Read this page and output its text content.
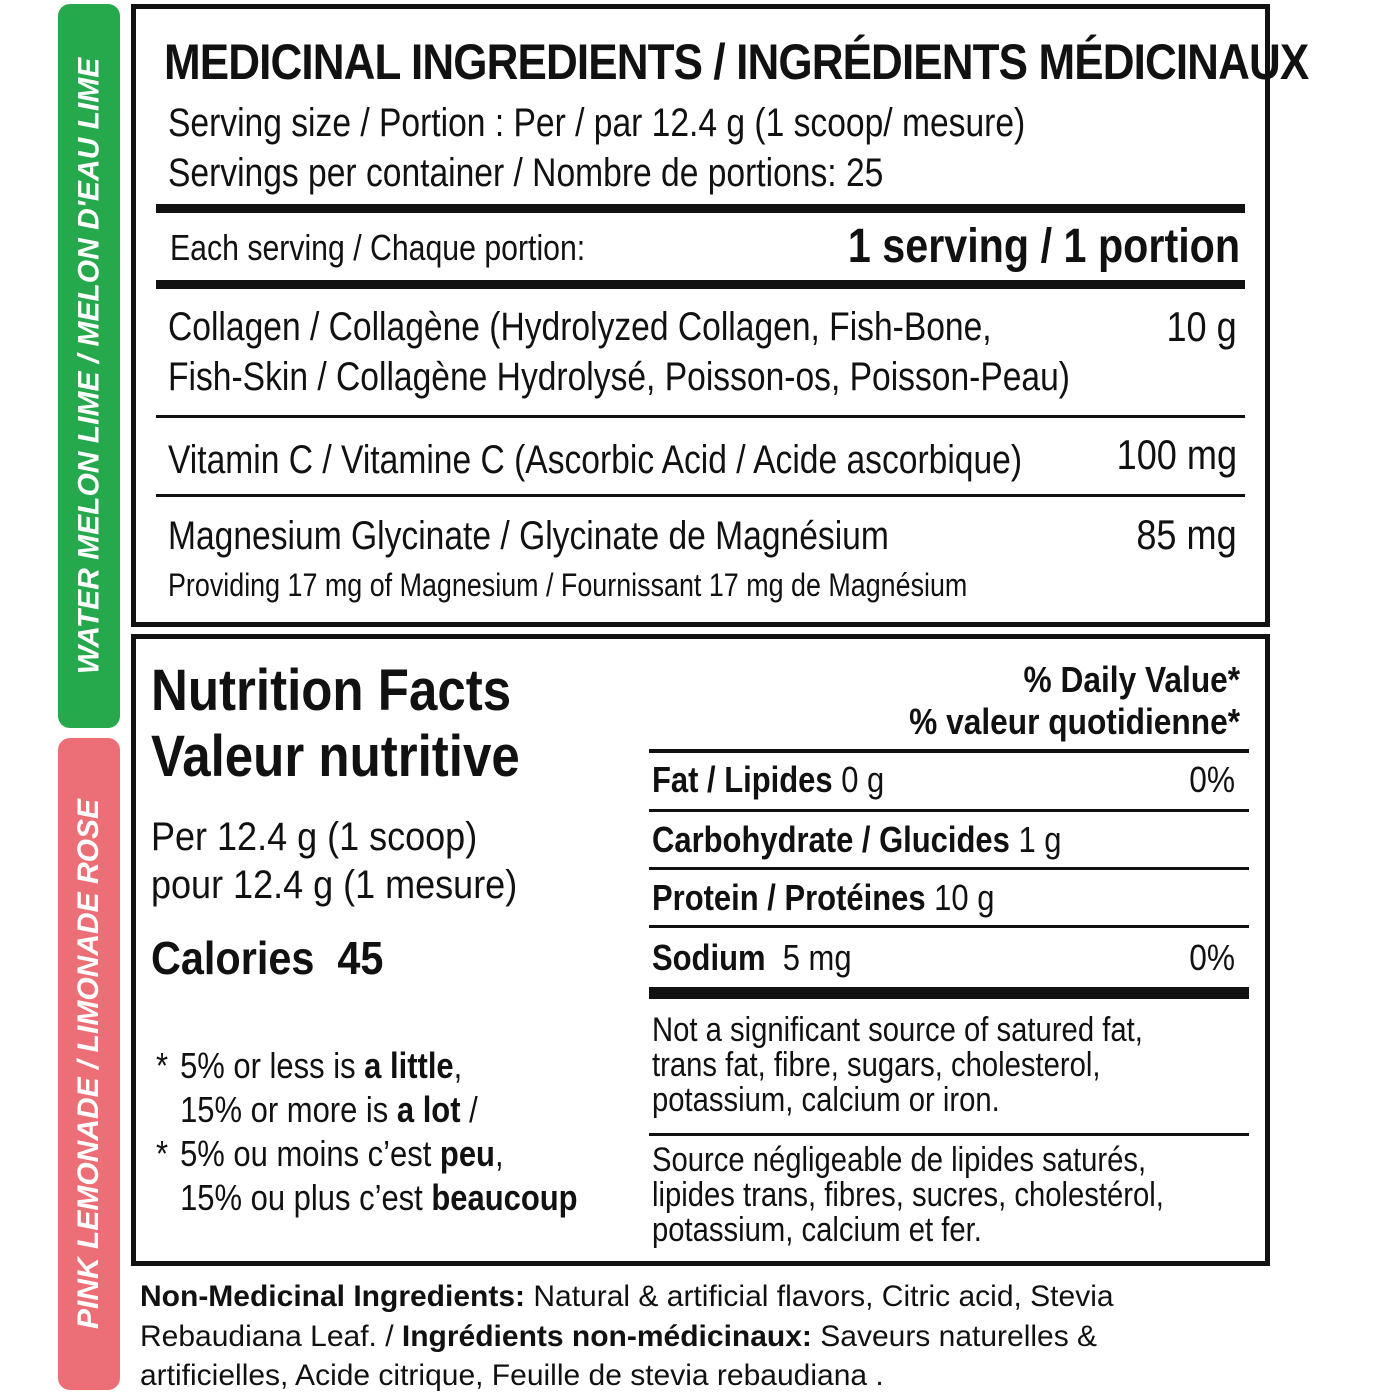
WATER MELON LIME / MELON D'EAU LIME
PINK LEMONADE / LIMONADE ROSE
MEDICINAL INGREDIENTS / INGRÉDIENTS MÉDICINAUX
Serving size / Portion : Per / par 12.4 g (1 scoop/ mesure)
Servings per container / Nombre de portions: 25
Each serving / Chaque portion:	1 serving / 1 portion
Collagen / Collagène (Hydrolyzed Collagen, Fish-Bone,
Fish-Skin / Collagène Hydrolysé, Poisson-os, Poisson-Peau)
10 g
Vitamin C / Vitamine C (Ascorbic Acid / Acide ascorbique) 100 mg
Magnesium Glycinate / Glycinate de Magnésium	85 mg
Providing 17 mg of Magnesium / Fournissant 17 mg de Magnésium
Nutrition Facts
Valeur nutritive
Per 12.4 g (1 scoop)
pour 12.4 g (1 mesure)
Calories 45
* 5% or less is a little,
15% or more is a lot /
* 5% ou moins c’est peu,
15% ou plus c’est beaucoup
% Daily Value*
% valeur quotidienne*
Fat / Lipides 0 g	0%
Carbohydrate / Glucides 1 g
Protein / Protéines 10 g
Sodium 5 mg	0%
Not a significant source of satured fat,
trans fat, fibre, sugars, cholesterol,
potassium, calcium or iron.
Source négligeable de lipides saturés,
lipides trans, fibres, sucres, cholestérol,
potassium, calcium et fer.
Non-Medicinal Ingredients: Natural & artificial flavors, Citric acid, Stevia
Rebaudiana Leaf. / Ingrédients non-médicinaux: Saveurs naturelles &
artificielles, Acide citrique, Feuille de stevia rebaudiana .
